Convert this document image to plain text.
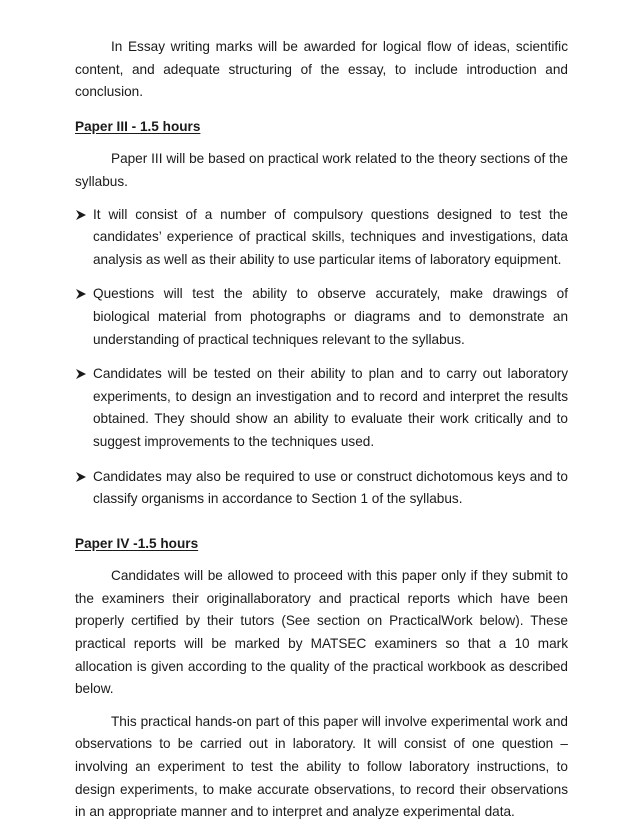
In Essay writing marks will be awarded for logical flow of ideas, scientific content, and adequate structuring of the essay, to include introduction and conclusion.

Paper III - 1.5 hours

Paper III will be based on practical work related to the theory sections of the syllabus.

It will consist of a number of compulsory questions designed to test the candidates’ experience of practical skills, techniques and investigations, data analysis as well as their ability to use particular items of laboratory equipment.
Questions will test the ability to observe accurately, make drawings of biological material from photographs or diagrams and to demonstrate an understanding of practical techniques relevant to the syllabus.
Candidates will be tested on their ability to plan and to carry out laboratory experiments, to design an investigation and to record and interpret the results obtained. They should show an ability to evaluate their work critically and to suggest improvements to the techniques used.
Candidates may also be required to use or construct dichotomous keys and to classify organisms in accordance to Section 1 of the syllabus.

Paper IV -1.5 hours

Candidates will be allowed to proceed with this paper only if they submit to the examiners their originallaboratory and practical reports which have been properly certified by their tutors (See section on PracticalWork below). These practical reports will be marked by MATSEC examiners so that a 10 mark allocation is given according to the quality of the practical workbook as described below.

This practical hands-on part of this paper will involve experimental work and observations to be carried out in laboratory. It will consist of one question – involving an experiment to test the ability to follow laboratory instructions, to design experiments, to make accurate observations, to record their observations in an appropriate manner and to interpret and analyze experimental data.
